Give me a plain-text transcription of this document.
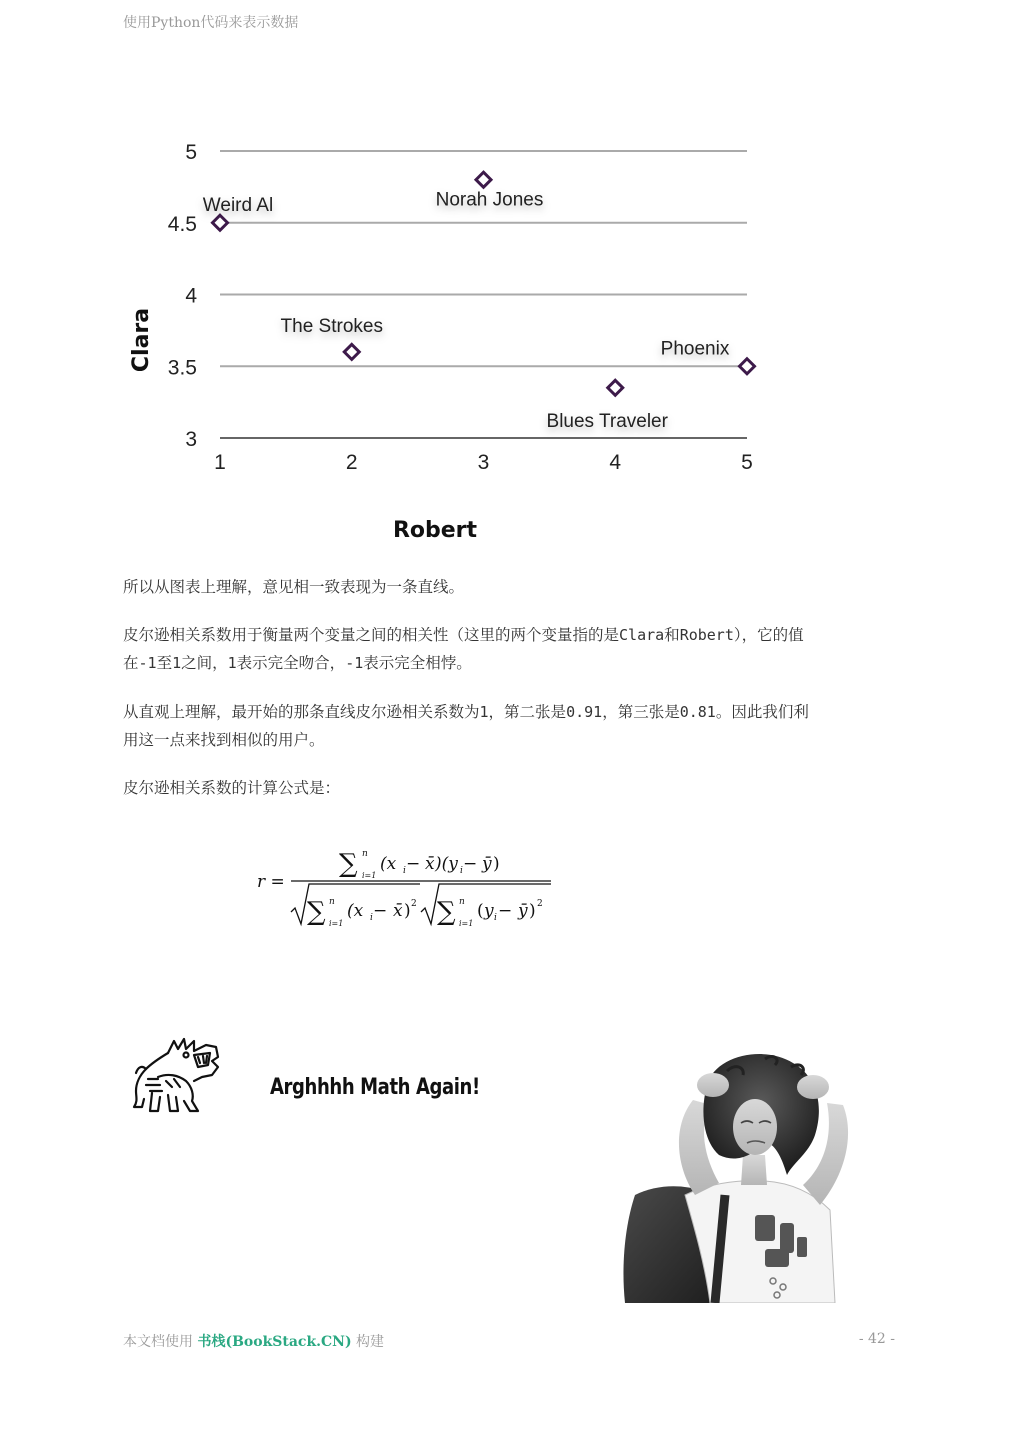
使用Python代码来表示数据
3
3.5
4
4.5
5
1	2	3	4	5
Weird Al	Norah Jones
The Strokes
Phoenix
Blues Traveler
Clara
Robert
所以从图表上理解，意见相一致表现为一条直线。
皮尔逊相关系数用于衡量两个变量之间的相关性（这里的两个变量指的是Clara和Robert），它的值
在-1至1之间，1表示完全吻合，-1表示完全相悖。
从直观上理解，最开始的那条直线皮尔逊相关系数为1，第二张是0.91，第三张是0.81。因此我们利
用这一点来找到相似的用户。
皮尔逊相关系数的计算公式是：
r =
∑ n
i=1
(x i − x̄ )(y i − ȳ )
∑ n
i=1
(x i − x̄ ) 2 ∑ n
i=1
( y i − ȳ ) 2
Arghhhh Math Again!
本文档使用 书栈(BookStack.CN) 构建	- 42 -
